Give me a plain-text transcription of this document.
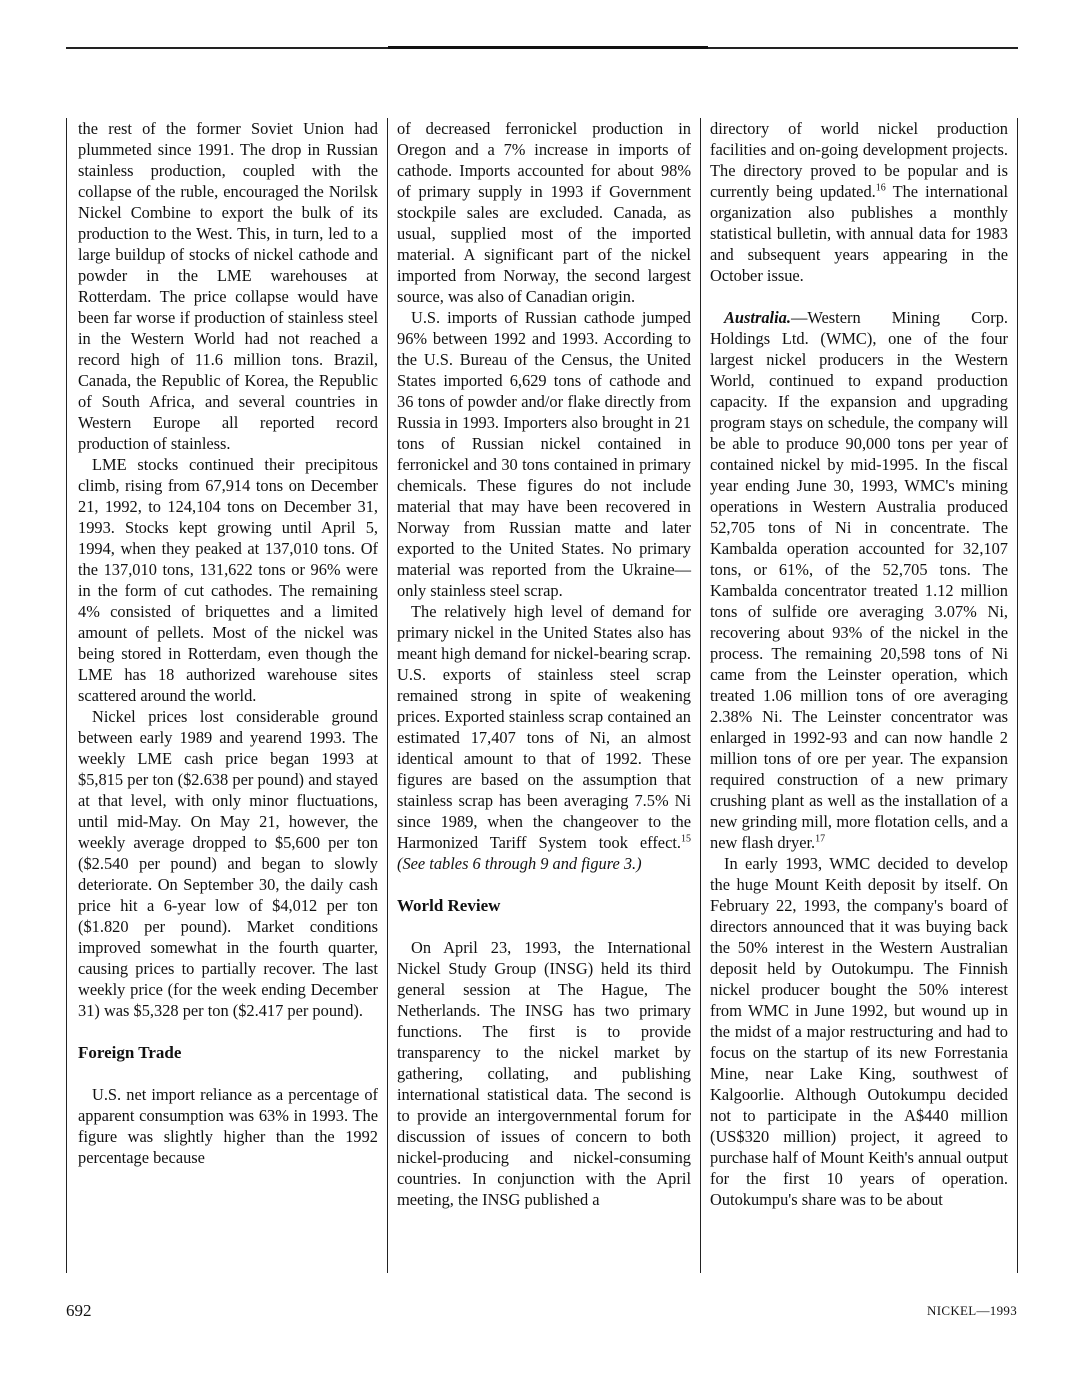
the rest of the former Soviet Union had plummeted since 1991. The drop in Russian stainless production, coupled with the collapse of the ruble, encouraged the Norilsk Nickel Combine to export the bulk of its production to the West. This, in turn, led to a large buildup of stocks of nickel cathode and powder in the LME warehouses at Rotterdam. The price collapse would have been far worse if production of stainless steel in the Western World had not reached a record high of 11.6 million tons. Brazil, Canada, the Republic of Korea, the Republic of South Africa, and several countries in Western Europe all reported record production of stainless.

LME stocks continued their precipitous climb, rising from 67,914 tons on December 21, 1992, to 124,104 tons on December 31, 1993. Stocks kept growing until April 5, 1994, when they peaked at 137,010 tons. Of the 137,010 tons, 131,622 tons or 96% were in the form of cut cathodes. The remaining 4% consisted of briquettes and a limited amount of pellets. Most of the nickel was being stored in Rotterdam, even though the LME has 18 authorized warehouse sites scattered around the world.

Nickel prices lost considerable ground between early 1989 and yearend 1993. The weekly LME cash price began 1993 at $5,815 per ton ($2.638 per pound) and stayed at that level, with only minor fluctuations, until mid-May. On May 21, however, the weekly average dropped to $5,600 per ton ($2.540 per pound) and began to slowly deteriorate. On September 30, the daily cash price hit a 6-year low of $4,012 per ton ($1.820 per pound). Market conditions improved somewhat in the fourth quarter, causing prices to partially recover. The last weekly price (for the week ending December 31) was $5,328 per ton ($2.417 per pound).

Foreign Trade

U.S. net import reliance as a percentage of apparent consumption was 63% in 1993. The figure was slightly higher than the 1992 percentage because

of decreased ferronickel production in Oregon and a 7% increase in imports of cathode. Imports accounted for about 98% of primary supply in 1993 if Government stockpile sales are excluded. Canada, as usual, supplied most of the imported material. A significant part of the nickel imported from Norway, the second largest source, was also of Canadian origin.

U.S. imports of Russian cathode jumped 96% between 1992 and 1993. According to the U.S. Bureau of the Census, the United States imported 6,629 tons of cathode and 36 tons of powder and/or flake directly from Russia in 1993. Importers also brought in 21 tons of Russian nickel contained in ferronickel and 30 tons contained in primary chemicals. These figures do not include material that may have been recovered in Norway from Russian matte and later exported to the United States. No primary material was reported from the Ukraine—only stainless steel scrap.

The relatively high level of demand for primary nickel in the United States also has meant high demand for nickel-bearing scrap. U.S. exports of stainless steel scrap remained strong in spite of weakening prices. Exported stainless scrap contained an estimated 17,407 tons of Ni, an almost identical amount to that of 1992. These figures are based on the assumption that stainless scrap has been averaging 7.5% Ni since 1989, when the changeover to the Harmonized Tariff System took effect.$^{15}$ (See tables 6 through 9 and figure 3.)

World Review

On April 23, 1993, the International Nickel Study Group (INSG) held its third general session at The Hague, The Netherlands. The INSG has two primary functions. The first is to provide transparency to the nickel market by gathering, collating, and publishing international statistical data. The second is to provide an intergovernmental forum for discussion of issues of concern to both nickel-producing and nickel-consuming countries. In conjunction with the April meeting, the INSG published a

directory of world nickel production facilities and on-going development projects. The directory proved to be popular and is currently being updated.$^{16}$ The international organization also publishes a monthly statistical bulletin, with annual data for 1983 and subsequent years appearing in the October issue.

Australia.—Western Mining Corp. Holdings Ltd. (WMC), one of the four largest nickel producers in the Western World, continued to expand production capacity. If the expansion and upgrading program stays on schedule, the company will be able to produce 90,000 tons per year of contained nickel by mid-1995. In the fiscal year ending June 30, 1993, WMC's mining operations in Western Australia produced 52,705 tons of Ni in concentrate. The Kambalda operation accounted for 32,107 tons, or 61%, of the 52,705 tons. The Kambalda concentrator treated 1.12 million tons of sulfide ore averaging 3.07% Ni, recovering about 93% of the nickel in the process. The remaining 20,598 tons of Ni came from the Leinster operation, which treated 1.06 million tons of ore averaging 2.38% Ni. The Leinster concentrator was enlarged in 1992-93 and can now handle 2 million tons of ore per year. The expansion required construction of a new primary crushing plant as well as the installation of a new grinding mill, more flotation cells, and a new flash dryer.$^{17}$

In early 1993, WMC decided to develop the huge Mount Keith deposit by itself. On February 22, 1993, the company's board of directors announced that it was buying back the 50% interest in the Western Australian deposit held by Outokumpu. The Finnish nickel producer bought the 50% interest from WMC in June 1992, but wound up in the midst of a major restructuring and had to focus on the startup of its new Forrestania Mine, near Lake King, southwest of Kalgoorlie. Although Outokumpu decided not to participate in the A$440 million (US$320 million) project, it agreed to purchase half of Mount Keith's annual output for the first 10 years of operation. Outokumpu's share was to be about

692	NICKEL—1993
